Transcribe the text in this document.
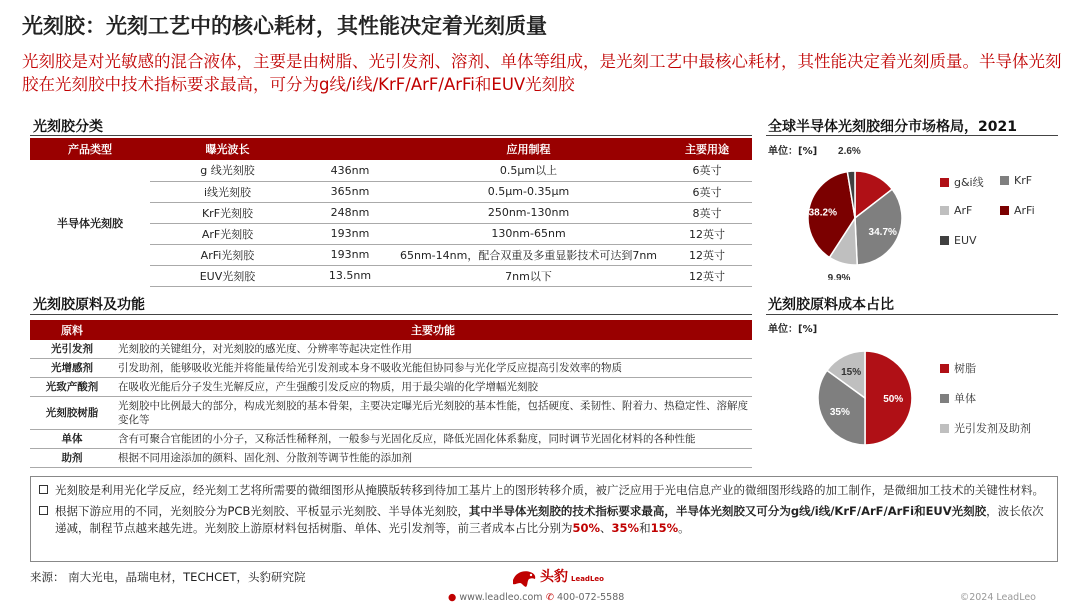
光刻胶：光刻工艺中的核心耗材，其性能决定着光刻质量
光刻胶是对光敏感的混合液体，主要是由树脂、光引发剂、溶剂、单体等组成，是光刻工艺中最核心耗材，其性能决定着光刻质量。半导体光刻胶在光刻胶中技术指标要求最高，可分为g线/i线/KrF/ArF/ArFi和EUV光刻胶
光刻胶分类
产品类型	曝光波长		应用制程	主要用途
半导体光刻胶	g 线光刻胶	436nm	0.5μm以上	6英寸
	i线光刻胶	365nm	0.5μm-0.35μm	6英寸
	KrF光刻胶	248nm	250nm-130nm	8英寸
	ArF光刻胶	193nm	130nm-65nm	12英寸
	ArFi光刻胶	193nm	65nm-14nm，配合双重及多重显影技术可达到7nm	12英寸
	EUV光刻胶	13.5nm	7nm以下	12英寸
光刻胶原料及功能
原料	主要功能
光引发剂	光刻胶的关键组分，对光刻胶的感光度、分辨率等起决定性作用
光增感剂	引发助剂，能够吸收光能并将能量传给光引发剂或本身不吸收光能但协同参与光化学反应提高引发效率的物质
光致产酸剂	在吸收光能后分子发生光解反应，产生强酸引发反应的物质，用于最尖端的化学增幅光刻胶
光刻胶树脂	光刻胶中比例最大的部分，构成光刻胶的基本骨架，主要决定曝光后光刻胶的基本性能，包括硬度、柔韧性、附着力、热稳定性、溶解度变化等
单体	含有可聚合官能团的小分子，又称活性稀释剂，一般参与光固化反应，降低光固化体系黏度，同时调节光固化材料的各种性能
助剂	根据不同用途添加的颜料、固化剂、分散剂等调节性能的添加剂
全球半导体光刻胶细分市场格局，2021
单位：[%]
34.7%
9.9%
38.2%
2.6%
g&i线	KrF
ArF	ArFi
EUV
光刻胶原料成本占比
单位：[%]
50%
35%
15%	树脂
单体
光引发剂及助剂
光刻胶是利用光化学反应，经光刻工艺将所需要的微细图形从掩膜版转移到待加工基片上的图形转移介质，被广泛应用于光电信息产业的微细图形线路的加工制作，是微细加工技术的关键性材料。
根据下游应用的不同，光刻胶分为PCB光刻胶、平板显示光刻胶、半导体光刻胶，其中半导体光刻胶的技术指标要求最高，半导体光刻胶又可分为g线/i线/KrF/ArF/ArFi和EUV光刻胶，波长依次递减，制程节点越来越先进。光刻胶上游原材料包括树脂、单体、光引发剂等，前三者成本占比分别为50%、35%和15%。
来源： 南大光电，晶瑞电材，TECHCET，头豹研究院	头豹 LeadLeo
● www.leadleo.com ✆ 400-072-5588	©2024 LeadLeo
